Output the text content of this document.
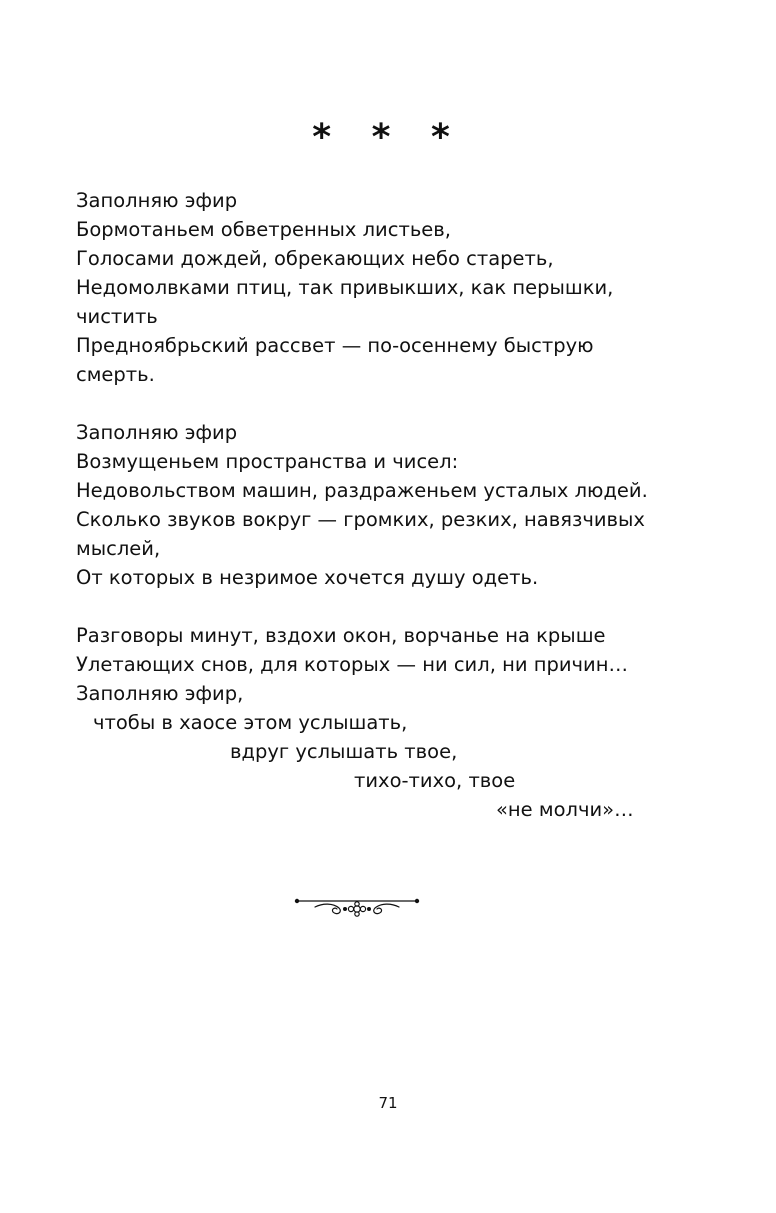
* * *
Заполняю эфир
Бормотаньем обветренных листьев,
Голосами дождей, обрекающих небо стареть,
Недомолвками птиц, так привыкших, как перышки,
чистить
Предноябрьский рассвет — по-осеннему быструю
смерть.
Заполняю эфир
Возмущеньем пространства и чисел:
Недовольством машин, раздраженьем усталых людей.
Сколько звуков вокруг — громких, резких, навязчивых
мыслей,
От которых в незримое хочется душу одеть.
Разговоры минут, вздохи окон, ворчанье на крыше
Улетающих снов, для которых — ни сил, ни причин…
Заполняю эфир,
чтобы в хаосе этом услышать,
вдруг услышать твое,
тихо-тихо, твое
«не молчи»…
71
